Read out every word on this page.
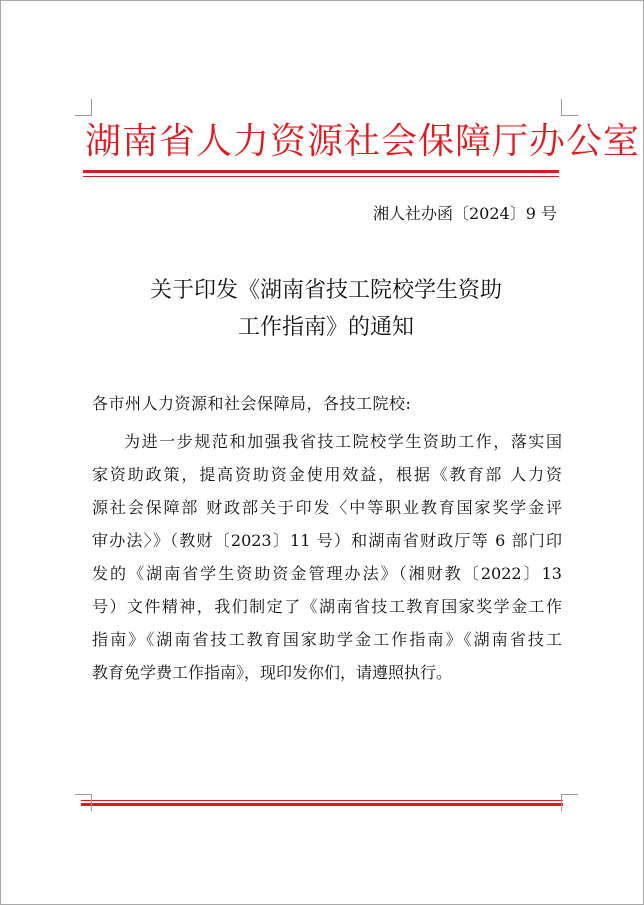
湖南省人力资源社会保障厅办公室
湘人社办函〔2024〕9 号
关于印发《湖南省技工院校学生资助
工作指南》的通知
各市州人力资源和社会保障局，各技工院校:
为进一步规范和加强我省技工院校学生资助工作，落实国
家资助政策，提高资助资金使用效益，根据《教育部 人力资
源社会保障部 财政部关于印发〈中等职业教育国家奖学金评
审办法〉》（教财〔2023〕11 号）和湖南省财政厅等 6 部门印
发的《湖南省学生资助资金管理办法》（湘财教〔2022〕13
号）文件精神，我们制定了《湖南省技工教育国家奖学金工作
指南》《湖南省技工教育国家助学金工作指南》《湖南省技工
教育免学费工作指南》，现印发你们，请遵照执行。
